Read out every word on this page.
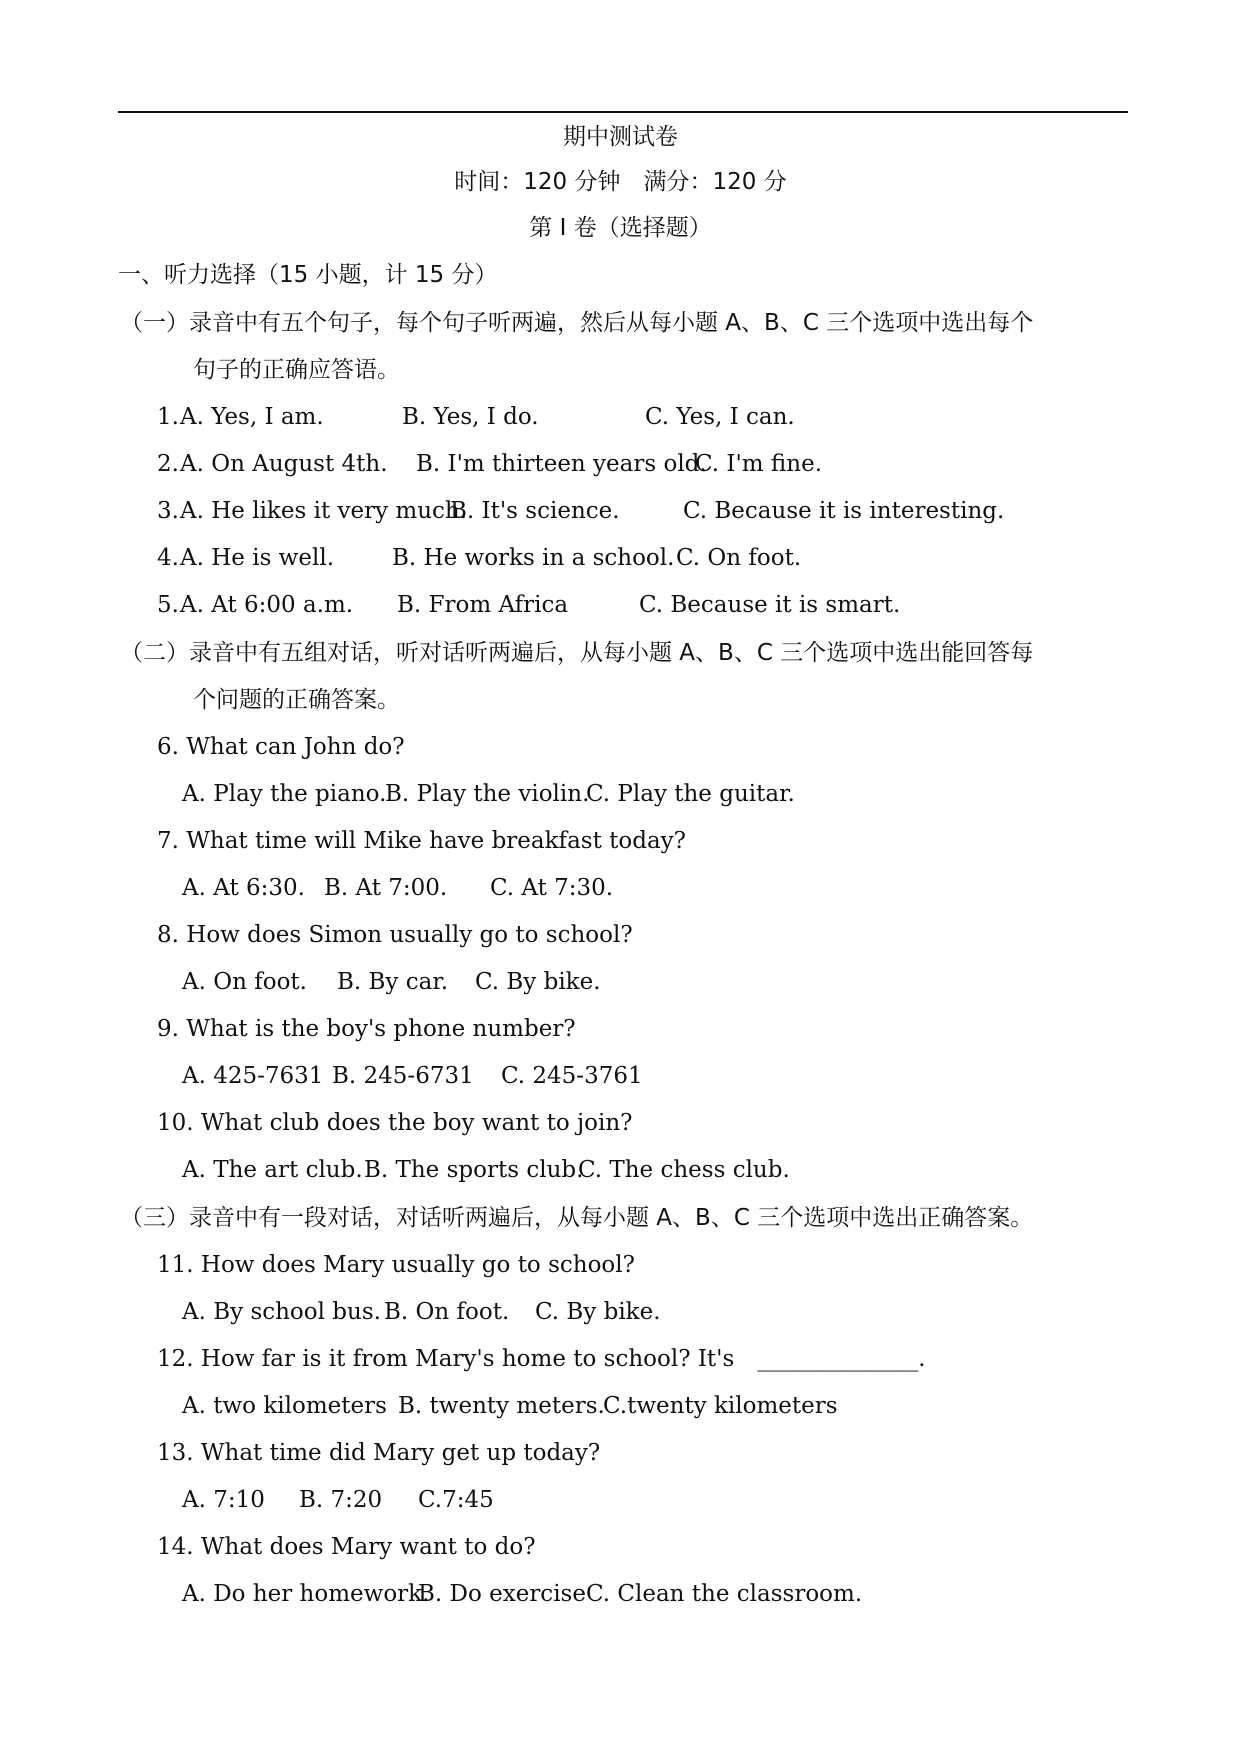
期中测试卷
时间：120 分钟　满分：120 分
第 I 卷（选择题）
一、听力选择（15 小题，计 15 分）
（一）录音中有五个句子，每个句子听两遍，然后从每小题 A、B、C 三个选项中选出每个
句子的正确应答语。
1. A. Yes, I am.	B. Yes, I do.	C. Yes, I can.
2. A. On August 4th. B. I'm thirteen years old.
C. I'm fine.
3. A. He likes it very much.
B. It's science.	C. Because it is interesting.
4. A. He is well.	B. He works in a school. C. On foot.
5. A. At 6:00 a.m. B. From Africa	C. Because it is smart.
（二）录音中有五组对话，听对话听两遍后，从每小题 A、B、C 三个选项中选出能回答每
个问题的正确答案。
6. What can John do?
A. Play the piano.
B. Play the violin.
C. Play the guitar.
7. What time will Mike have breakfast today?
A. At 6:30. B. At 7:00. C. At 7:30.
8. How does Simon usually go to school?
A. On foot. B. By car. C. By bike.
9. What is the boy's phone number?
A. 425-7631 B. 245-6731 C. 245-3761
10. What club does the boy want to join?
A. The art club. B. The sports club.
C. The chess club.
（三）录音中有一段对话，对话听两遍后，从每小题 A、B、C 三个选项中选出正确答案。
11. How does Mary usually go to school?
A. By school bus. B. On foot. C. By bike.
12. How far is it from Mary's home to school? It's　______________.
A. two kilometers B. twenty meters.
C.twenty kilometers
13. What time did Mary get up today?
A. 7:10 B. 7:20 C.7:45
14. What does Mary want to do?
A. Do her homework.
B. Do exercise C. Clean the classroom.
